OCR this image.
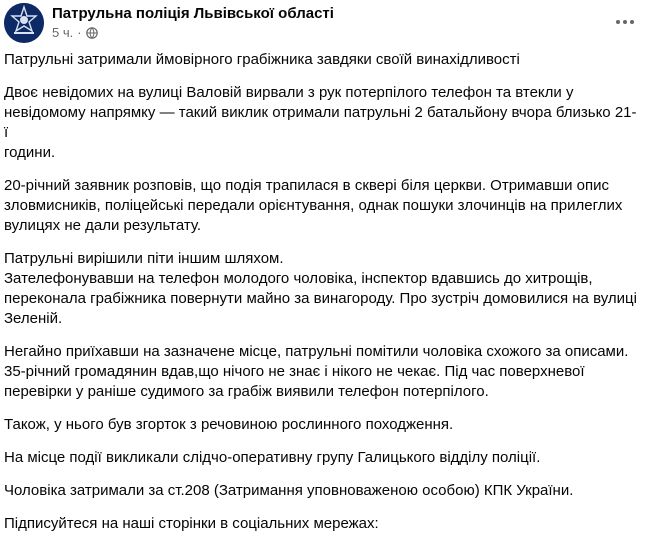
Патрульна поліція Львівської області
5 ч. ·

Патрульні затримали ймовірного грабіжника завдяки своїй винахідливості

Двоє невідомих на вулиці Валовій вирвали з рук потерпілого телефон та втекли у
невідомому напрямку — такий виклик отримали патрульні 2 батальйону вчора близько 21-ї
години.

20-річний заявник розповів, що подія трапилася в сквері біля церкви. Отримавши опис
зловмисників, поліцейські передали орієнтування, однак пошуки злочинців на прилеглих
вулицях не дали результату.

Патрульні вирішили піти іншим шляхом.
Зателефонувавши на телефон молодого чоловіка, інспектор вдавшись до хитрощів,
переконала грабіжника повернути майно за винагороду. Про зустріч домовилися на вулиці
Зеленій.

Негайно приїхавши на зазначене місце, патрульні помітили чоловіка схожого за описами.
35-річний громадянин вдав,що нічого не знає і нікого не чекає. Під час поверхневої
перевірки у раніше судимого за грабіж виявили телефон потерпілого.

Також, у нього був згорток з речовиною рослинного походження.

На місце події викликали слідчо-оперативну групу Галицького відділу поліції.

Чоловіка затримали за ст.208 (Затримання уповноваженою особою) КПК України.

Підписуйтеся на наші сторінки в соціальних мережах:
